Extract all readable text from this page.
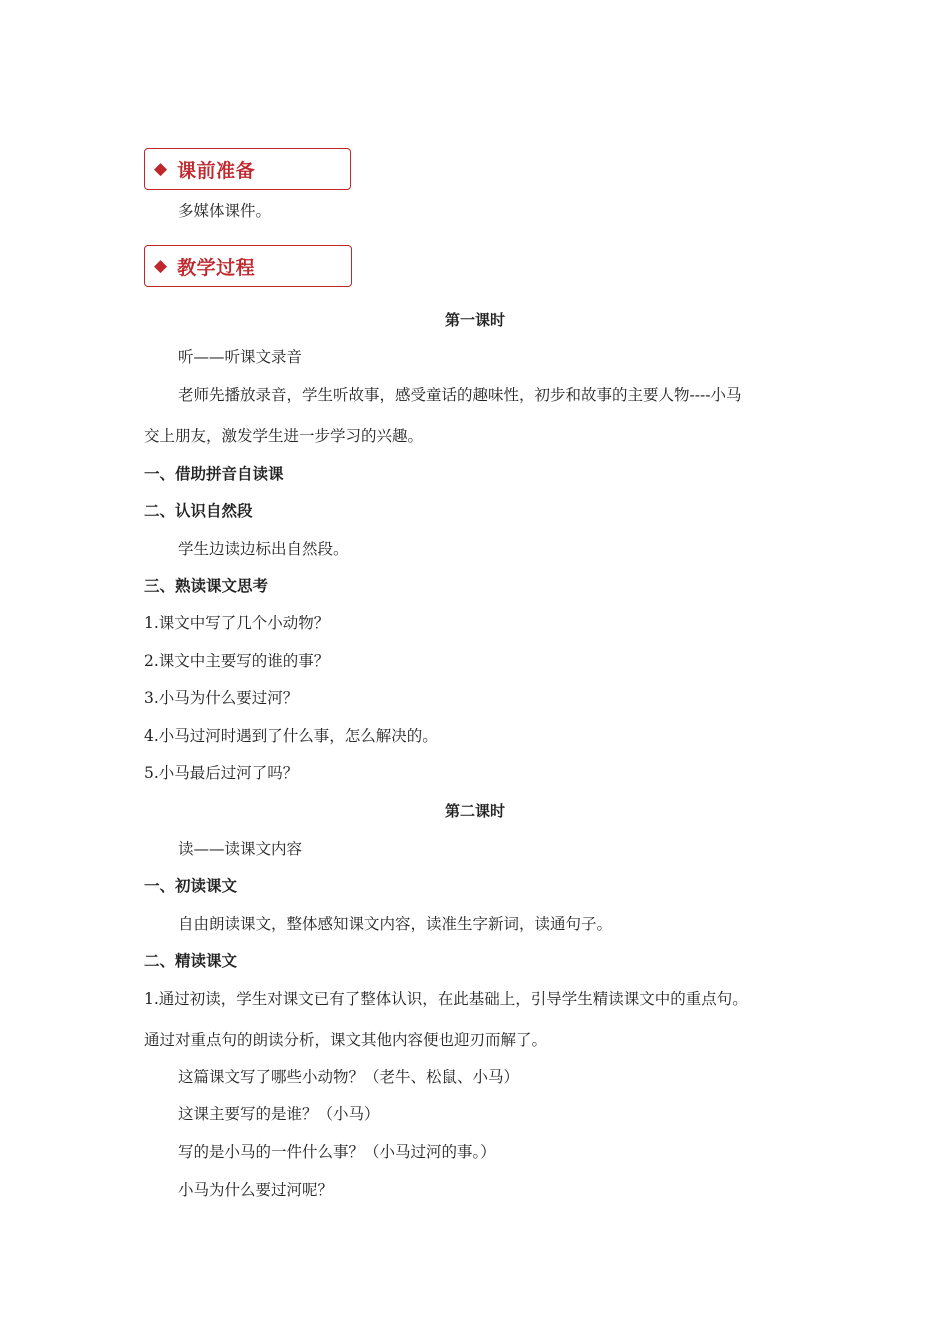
◆ 课前准备
多媒体课件。
◆ 教学过程
第一课时
听——听课文录音
老师先播放录音，学生听故事，感受童话的趣味性，初步和故事的主要人物----小马
交上朋友，激发学生进一步学习的兴趣。
一、借助拼音自读课
二、认识自然段
学生边读边标出自然段。
三、熟读课文思考
1.课文中写了几个小动物？
2.课文中主要写的谁的事？
3.小马为什么要过河？
4.小马过河时遇到了什么事，怎么解决的。
5.小马最后过河了吗？
第二课时
读——读课文内容
一、初读课文
自由朗读课文，整体感知课文内容，读准生字新词，读通句子。
二、精读课文
1.通过初读，学生对课文已有了整体认识，在此基础上，引导学生精读课文中的重点句。
通过对重点句的朗读分析，课文其他内容便也迎刃而解了。
这篇课文写了哪些小动物？（老牛、松鼠、小马）
这课主要写的是谁？（小马）
写的是小马的一件什么事？（小马过河的事。）
小马为什么要过河呢？
